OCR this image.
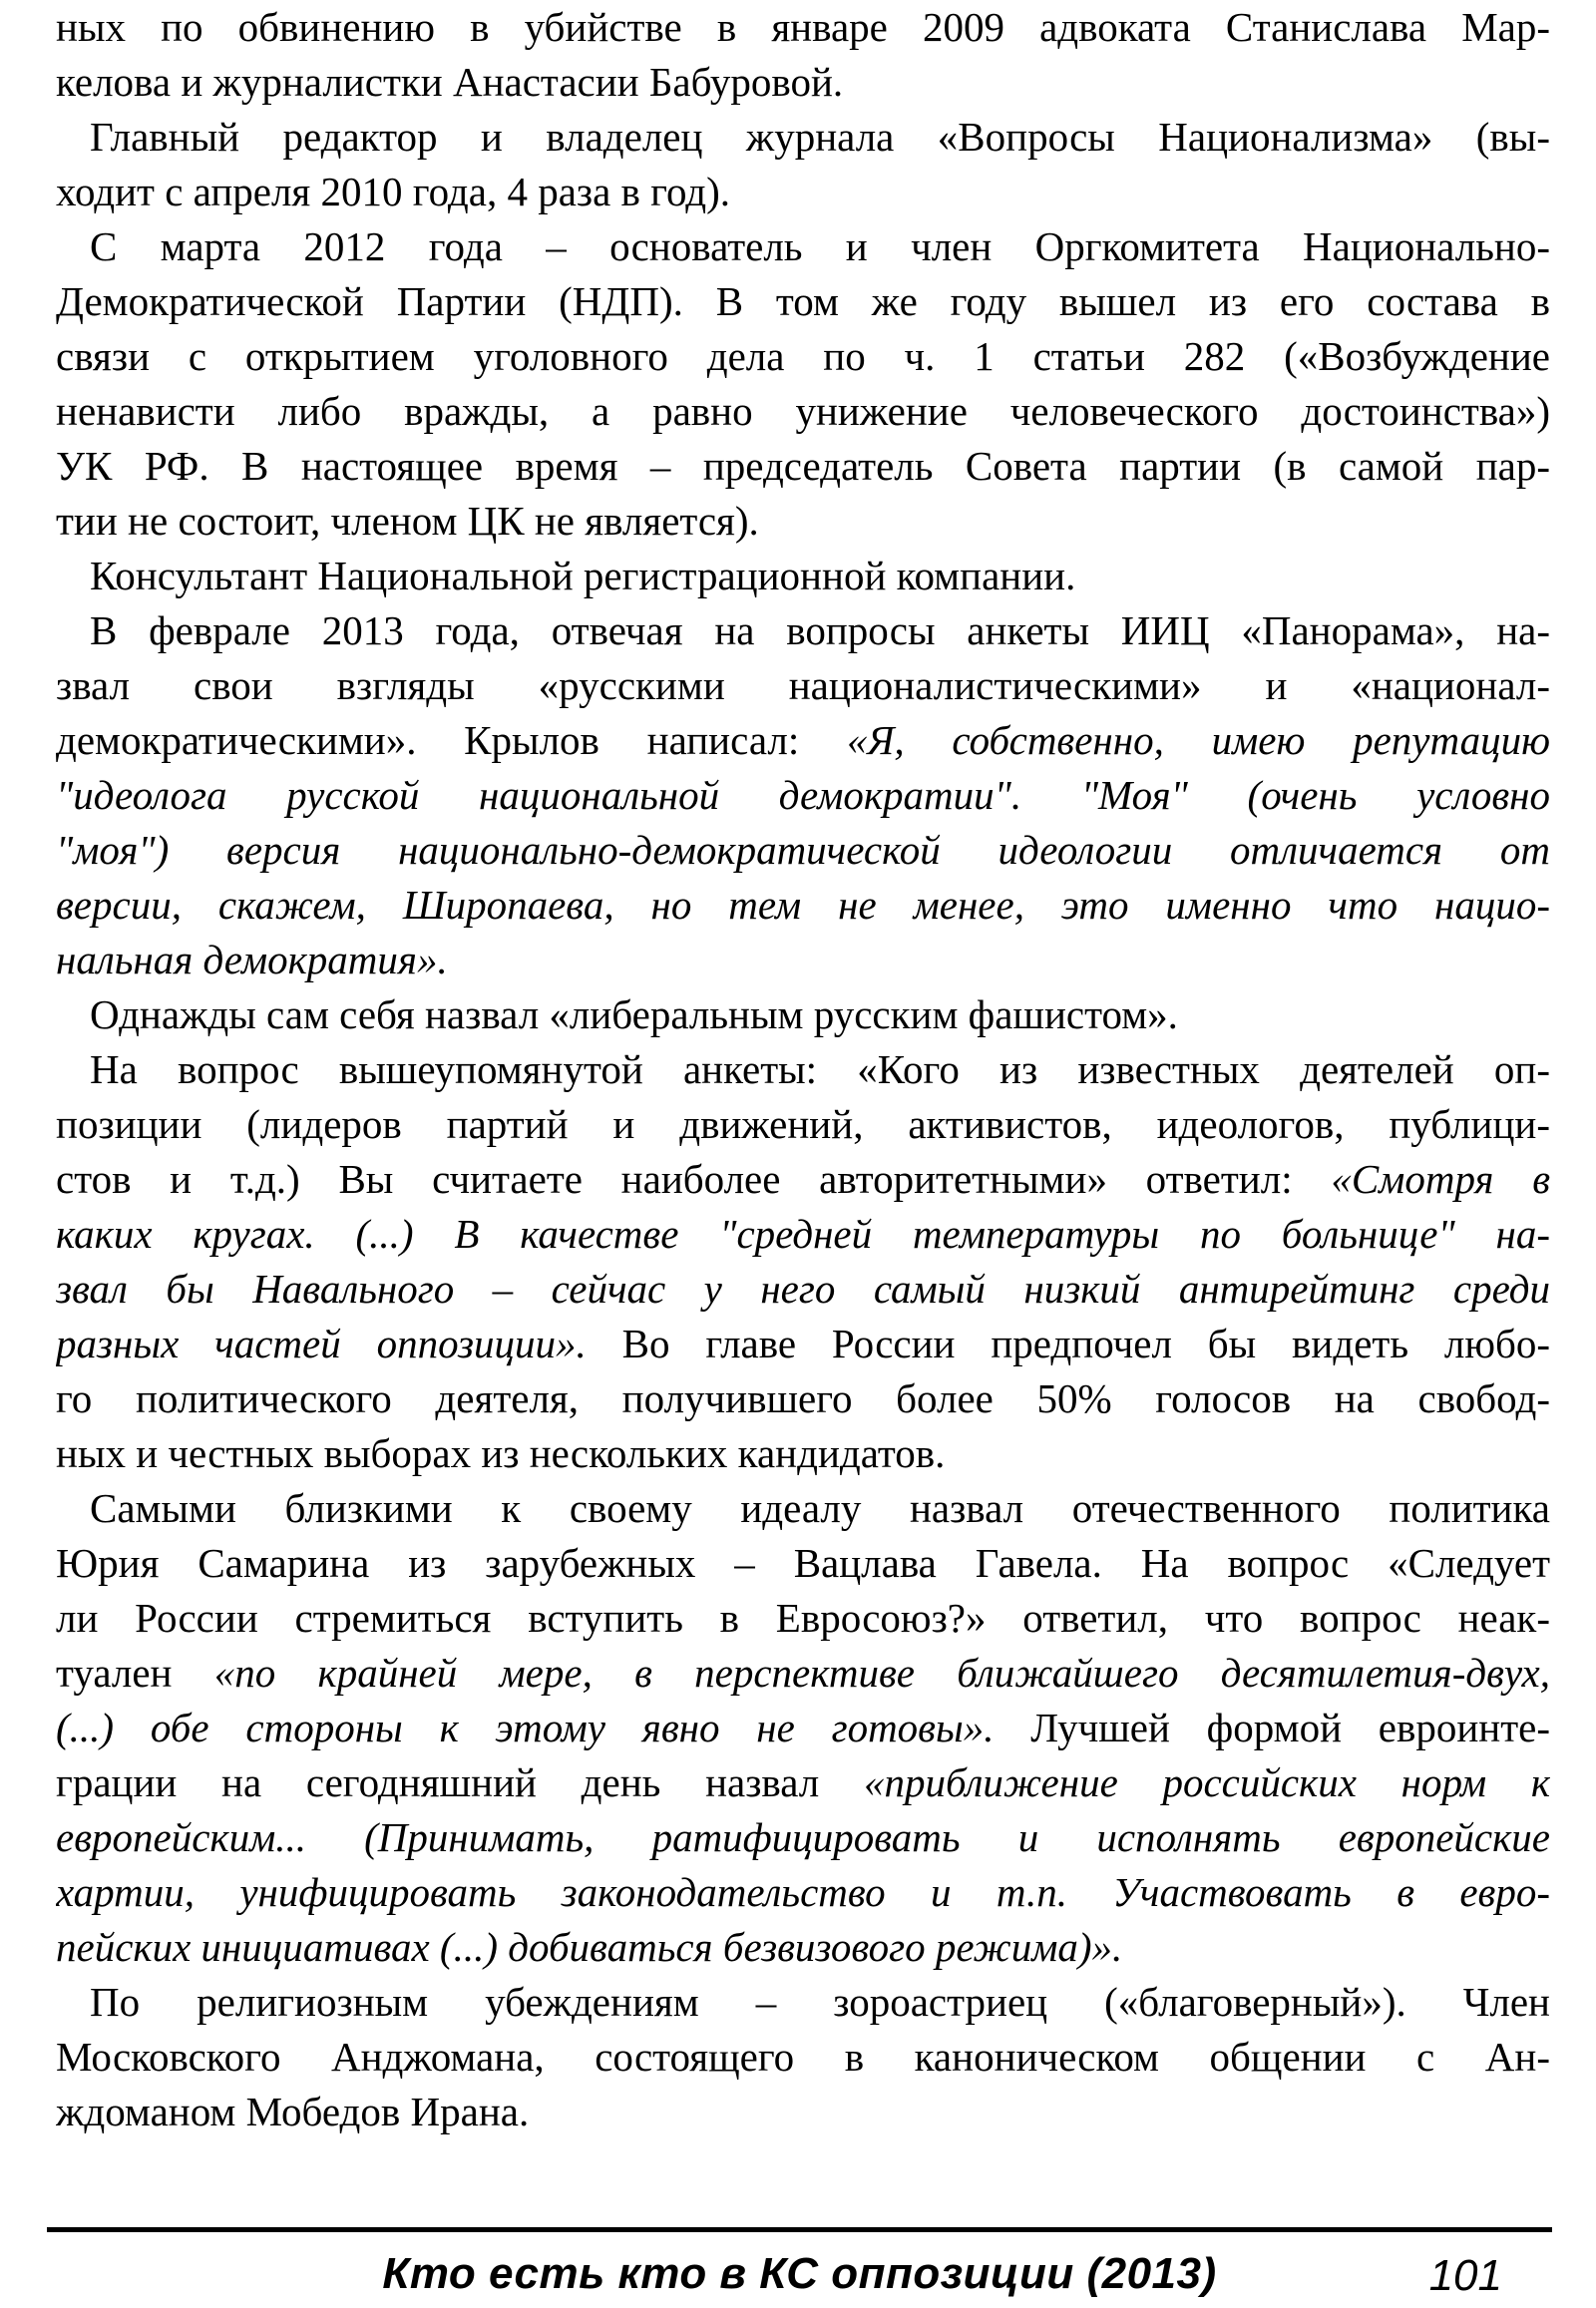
ных по обвинению в убийстве в январе 2009 адвоката Станислава Мар-
келова и журналистки Анастасии Бабуровой.
Главный редактор и владелец журнала «Вопросы Национализма» (вы-
ходит с апреля 2010 года, 4 раза в год).
С марта 2012 года – основатель и член Оргкомитета Национально-
Демократической Партии (НДП). В том же году вышел из его состава в
связи с открытием уголовного дела по ч. 1 статьи 282 («Возбуждение
ненависти либо вражды, а равно унижение человеческого достоинства»)
УК РФ. В настоящее время – председатель Совета партии (в самой пар-
тии не состоит, членом ЦК не является).
Консультант Национальной регистрационной компании.
В феврале 2013 года, отвечая на вопросы анкеты ИИЦ «Панорама», на-
звал свои взгляды «русскими националистическими» и «национал-
демократическими». Крылов написал: «Я, собственно, имею репутацию
"идеолога русской национальной демократии". "Моя" (очень условно
"моя") версия национально-демократической идеологии отличается от
версии, скажем, Широпаева, но тем не менее, это именно что нацио-
нальная демократия».
Однажды сам себя назвал «либеральным русским фашистом».
На вопрос вышеупомянутой анкеты: «Кого из известных деятелей оп-
позиции (лидеров партий и движений, активистов, идеологов, публици-
стов и т.д.) Вы считаете наиболее авторитетными» ответил: «Смотря в
каких кругах. (...) В качестве "средней температуры по больнице" на-
звал бы Навального – сейчас у него самый низкий антирейтинг среди
разных частей оппозиции». Во главе России предпочел бы видеть любо-
го политического деятеля, получившего более 50% голосов на свобод-
ных и честных выборах из нескольких кандидатов.
Самыми близкими к своему идеалу назвал отечественного политика
Юрия Самарина из зарубежных – Вацлава Гавела. На вопрос «Следует
ли России стремиться вступить в Евросоюз?» ответил, что вопрос неак-
туален «по крайней мере, в перспективе ближайшего десятилетия-двух,
(...) обе стороны к этому явно не готовы». Лучшей формой евроинте-
грации на сегодняшний день назвал «приближение российских норм к
европейским... (Принимать, ратифицировать и исполнять европейские
хартии, унифицировать законодательство и т.п. Участвовать в евро-
пейских инициативах (...) добиваться безвизового режима)».
По религиозным убеждениям – зороастриец («благоверный»). Член
Московского Анджомана, состоящего в каноническом общении с Ан-
ждоманом Мобедов Ирана.
Кто есть кто в КС оппозиции (2013)	101
